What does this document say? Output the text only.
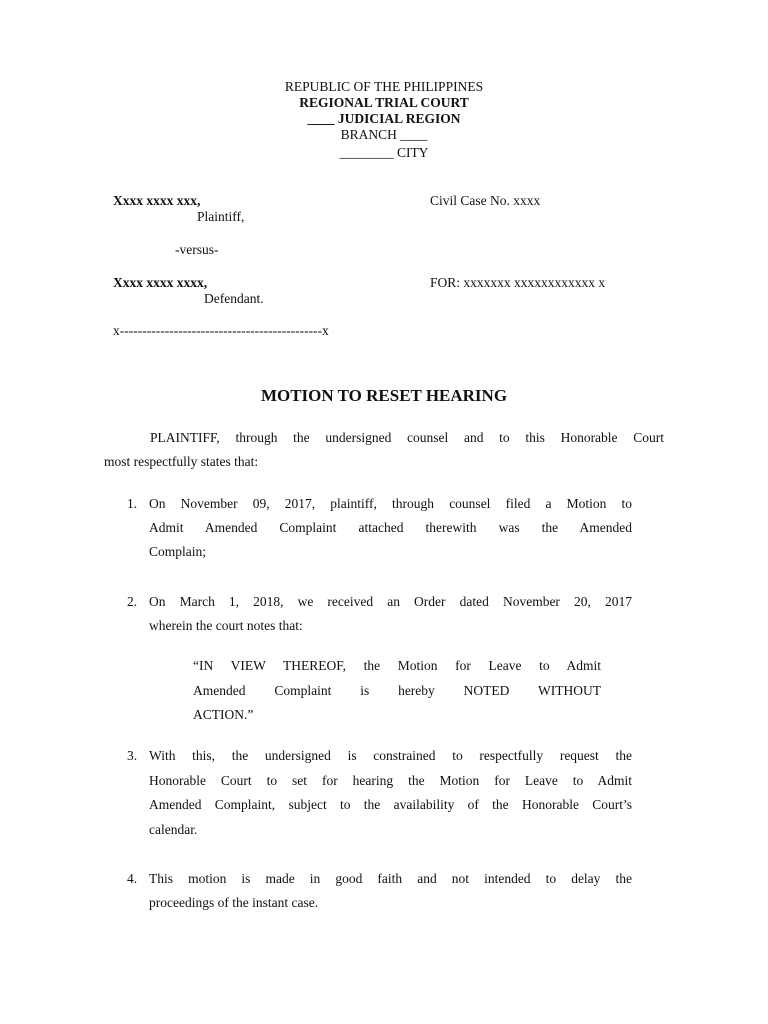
REPUBLIC OF THE PHILIPPINES
REGIONAL TRIAL COURT
____ JUDICIAL REGION
BRANCH ____
________ CITY
Xxxx xxxx xxx,
Plaintiff,
Civil Case No. xxxx
-versus-
Xxxx xxxx xxxx,
Defendant.
FOR: xxxxxxx xxxxxxxxxxxx x
x---------------------------------------------x
MOTION TO RESET HEARING
PLAINTIFF, through the undersigned counsel and to this Honorable Court
most respectfully states that:
1. On November 09, 2017, plaintiff, through counsel filed a Motion to
Admit Amended Complaint attached therewith was the Amended
Complain;
2. On March 1, 2018, we received an Order dated November 20, 2017
wherein the court notes that:
“IN VIEW THEREOF, the Motion for Leave to Admit
Amended Complaint is hereby NOTED WITHOUT
ACTION.”
3. With this, the undersigned is constrained to respectfully request the
Honorable Court to set for hearing the Motion for Leave to Admit
Amended Complaint, subject to the availability of the Honorable Court’s
calendar.
4. This motion is made in good faith and not intended to delay the
proceedings of the instant case.
